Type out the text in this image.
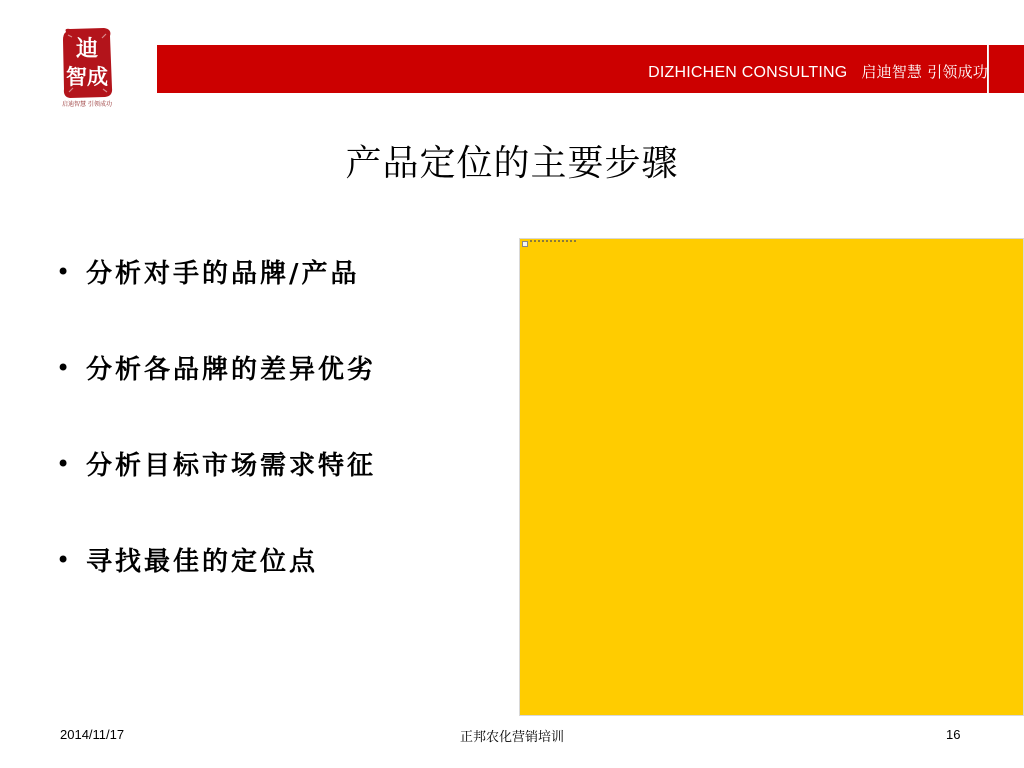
迪
智成
启迪智慧 引领成功
DIZHICHEN CONSULTING 启迪智慧 引领成功
产品定位的主要步骤
• 分析对手的品牌/产品
• 分析各品牌的差异优劣
• 分析目标市场需求特征
• 寻找最佳的定位点
2014/11/17	正邦农化营销培训	16
